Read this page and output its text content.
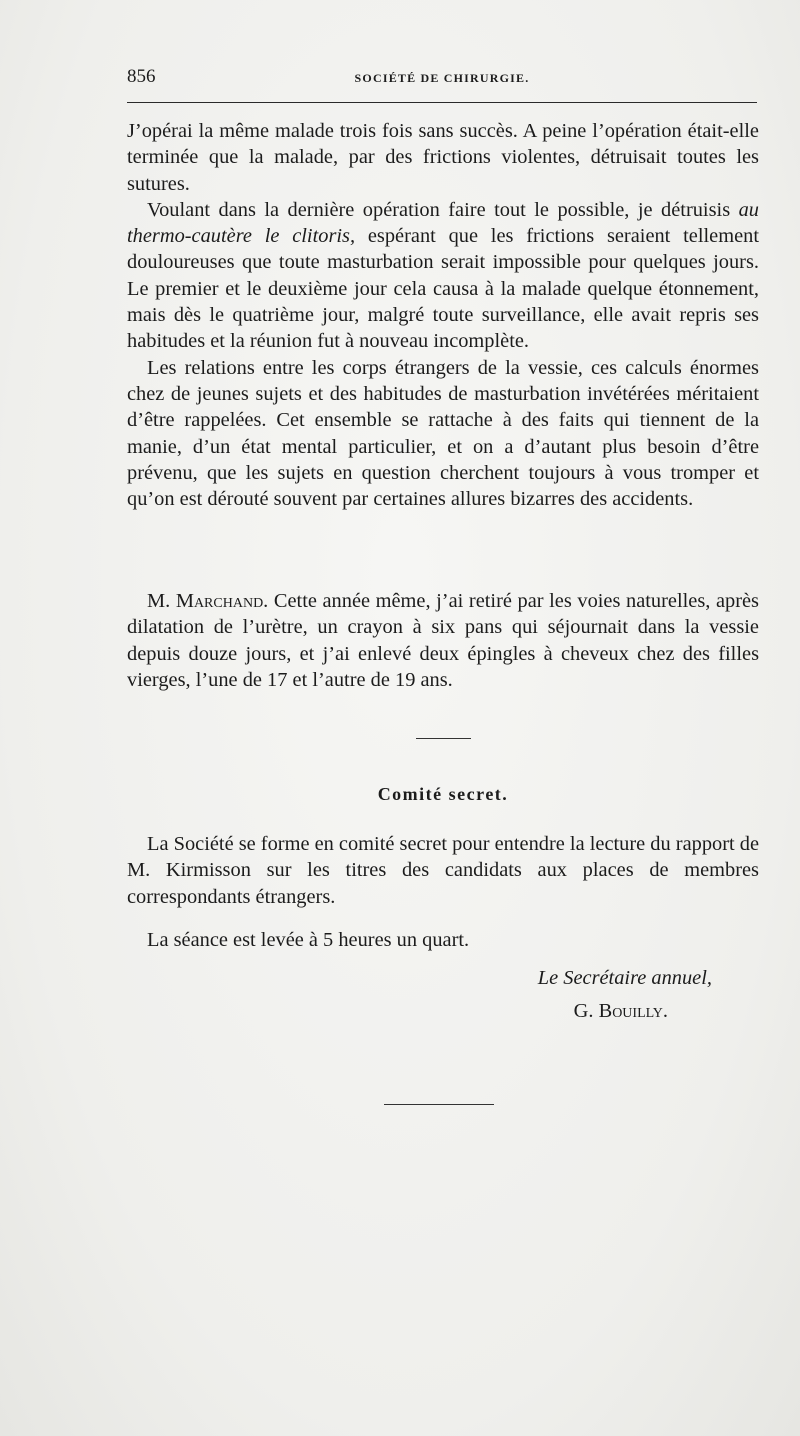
856	SOCIÉTÉ DE CHIRURGIE.

J’opérai la même malade trois fois sans succès. A peine l’opération était-elle terminée que la malade, par des frictions violentes, détruisait toutes les sutures.

Voulant dans la dernière opération faire tout le possible, je détruisis au thermo-cautère le clitoris, espérant que les frictions seraient tellement douloureuses que toute masturbation serait impossible pour quelques jours. Le premier et le deuxième jour cela causa à la malade quelque étonnement, mais dès le quatrième jour, malgré toute surveillance, elle avait repris ses habitudes et la réunion fut à nouveau incomplète.

Les relations entre les corps étrangers de la vessie, ces calculs énormes chez de jeunes sujets et des habitudes de masturbation invétérées méritaient d’être rappelées. Cet ensemble se rattache à des faits qui tiennent de la manie, d’un état mental particulier, et on a d’autant plus besoin d’être prévenu, que les sujets en question cherchent toujours à vous tromper et qu’on est dérouté souvent par certaines allures bizarres des accidents.

M. Marchand. Cette année même, j’ai retiré par les voies naturelles, après dilatation de l’urètre, un crayon à six pans qui séjournait dans la vessie depuis douze jours, et j’ai enlevé deux épingles à cheveux chez des filles vierges, l’une de 17 et l’autre de 19 ans.

Comité secret.

La Société se forme en comité secret pour entendre la lecture du rapport de M. Kirmisson sur les titres des candidats aux places de membres correspondants étrangers.

La séance est levée à 5 heures un quart.

Le Secrétaire annuel,
G. Bouilly.
